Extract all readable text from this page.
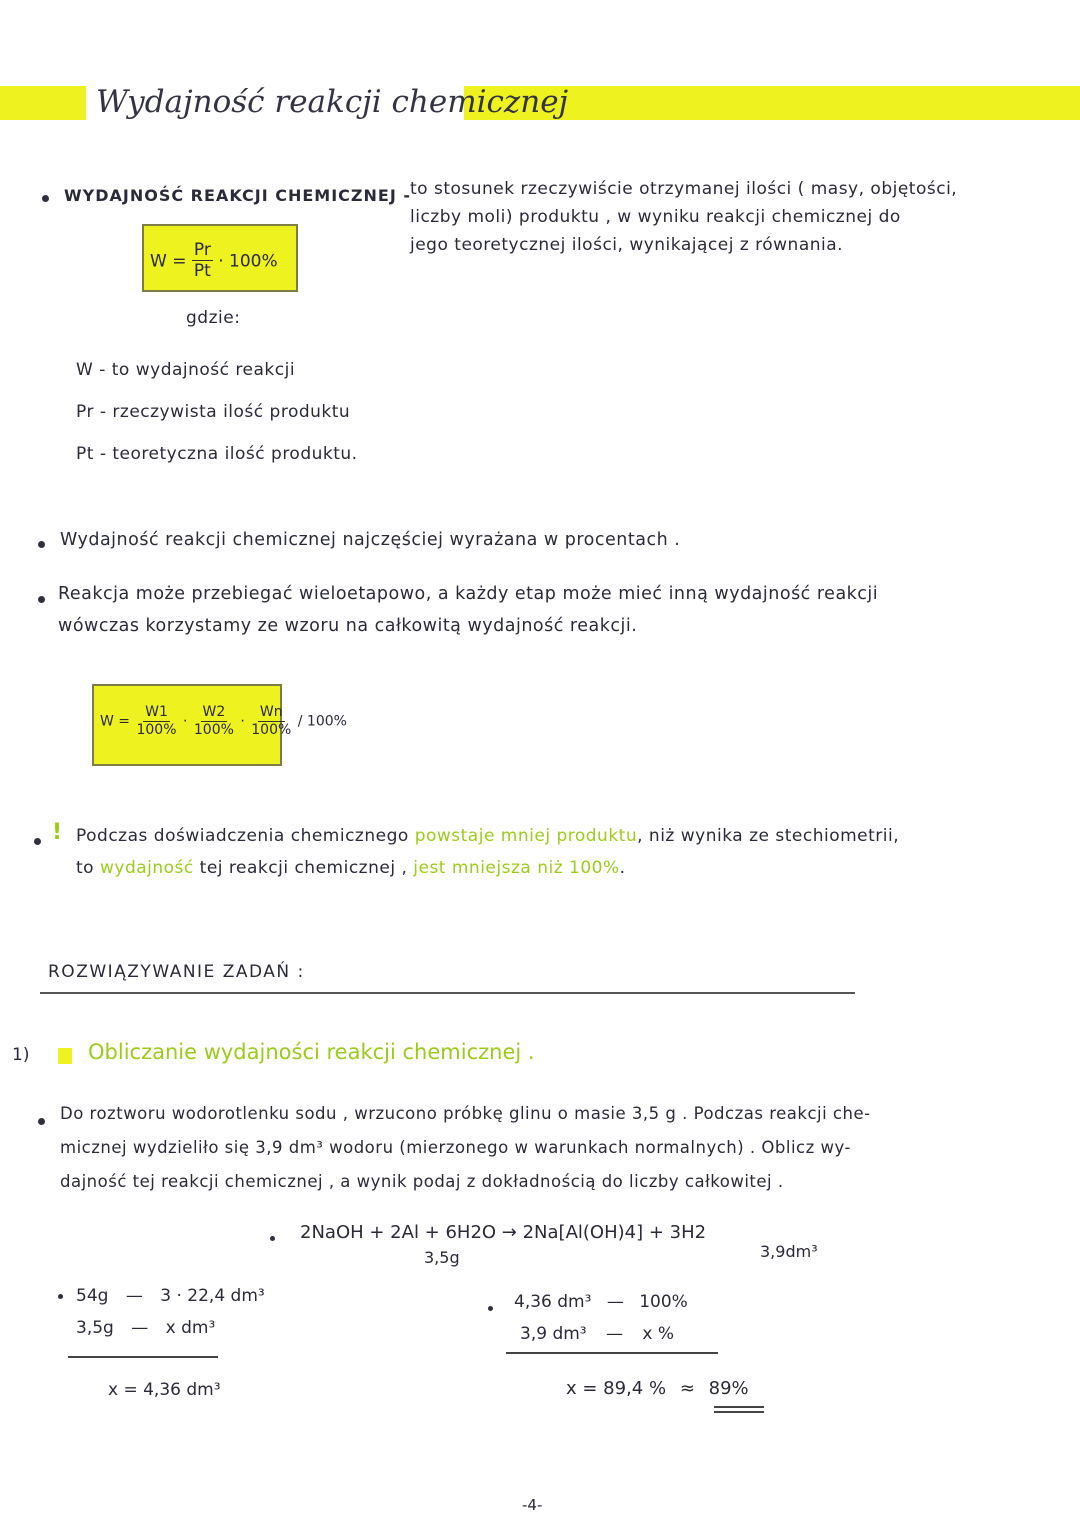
Wydajność reakcji chemicznej
WYDAJNOŚĆ REAKCJI CHEMICZNEJ - to stosunek rzeczywiście otrzymanej ilości ( masy, objętości,
liczby moli) produktu , w wyniku reakcji chemicznej do
jego teoretycznej ilości, wynikającej z równania.
$W = \frac{Pr}{Pt} \cdot 100\%$
gdzie:
W - to wydajność reakcji
Pr - rzeczywista ilość produktu
Pt - teoretyczna ilość produktu.
Wydajność reakcji chemicznej najczęściej wyrażana w procentach .
Reakcja może przebiegać wieloetapowo, a każdy etap może mieć inną wydajność reakcji
wówczas korzystamy ze wzoru na całkowitą wydajność reakcji.
$W = \frac{W1}{100\%} \cdot \frac{W2}{100\%} \cdot \frac{Wn}{100\%} / 100\%$
! Podczas doświadczenia chemicznego powstaje mniej produktu, niż wynika ze stechiometrii,
to wydajność tej reakcji chemicznej , jest mniejsza niż 100%.
ROZWIĄZYWANIE ZADAŃ :
1)	Obliczanie wydajności reakcji chemicznej .
Do roztworu wodorotlenku sodu , wrzucono próbkę glinu o masie 3,5 g . Podczas reakcji che-
micznej wydzieliło się 3,9 dm³ wodoru (mierzonego w warunkach normalnych) . Oblicz wy-
dajność tej reakcji chemicznej , a wynik podaj z dokładnością do liczby całkowitej .
2NaOH + 2Al + 6H2O → 2Na[Al(OH)4] + 3H2
3,5g	3,9dm³
54g — 3 · 22,4 dm³
3,5g — x dm³
x = 4,36 dm³
4,36 dm³ — 100%
3,9 dm³ — x %
x = 89,4 % ≈ 89%
-4-
